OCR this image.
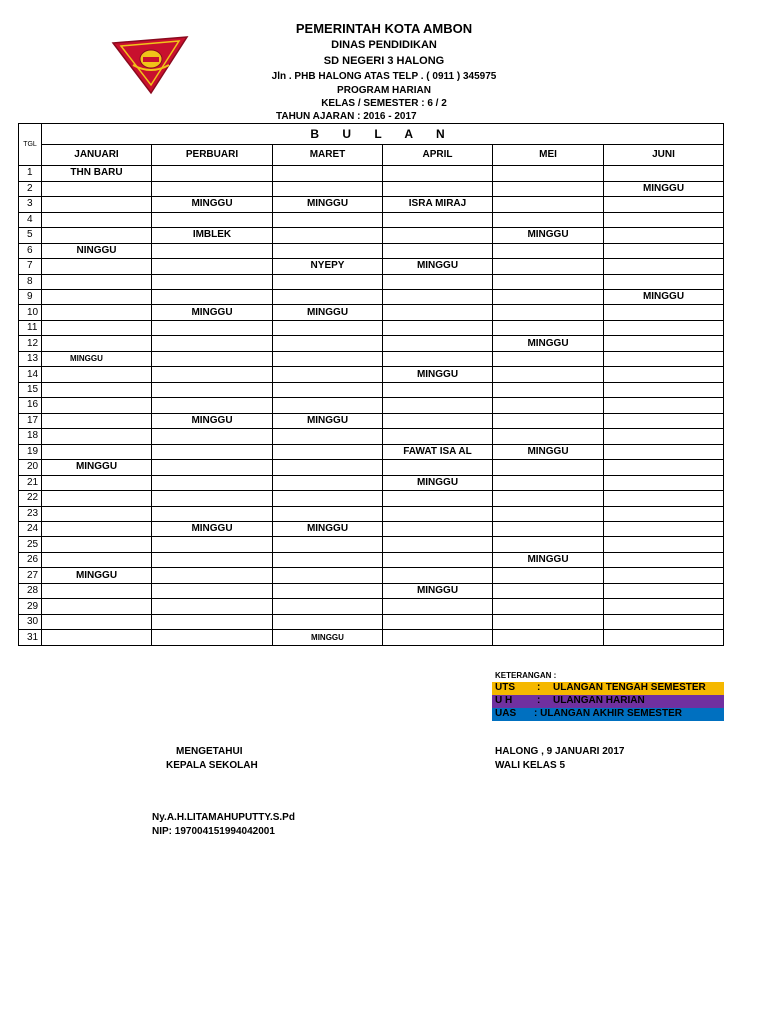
PEMERINTAH KOTA AMBON
DINAS PENDIDIKAN
SD NEGERI 3 HALONG
Jln . PHB HALONG ATAS TELP . ( 0911 ) 345975
PROGRAM HARIAN
KELAS / SEMESTER : 6 / 2
TAHUN AJARAN : 2016 - 2017
TGL	B U L A N					
	JANUARI	PERBUARI	MARET	APRIL	MEI	JUNI
1	THN BARU					
2						MINGGU
3		MINGGU	MINGGU	ISRA MIRAJ		
4						
5		IMBLEK			MINGGU	
6	NINGGU					
7			NYEPY	MINGGU		
8						
9						MINGGU
10		MINGGU	MINGGU			
11						
12					MINGGU	
13	MINGGU					
14				MINGGU		
15						
16						
17		MINGGU	MINGGU			
18						
19				FAWAT ISA AL	MINGGU	
20	MINGGU					
21				MINGGU		
22						
23						
24		MINGGU	MINGGU			
25						
26					MINGGU	
27	MINGGU					
28				MINGGU		
29						
30						
31			MINGGU			
KETERANGAN :
UTS : ULANGAN TENGAH SEMESTER
U H : ULANGAN HARIAN
UAS : ULANGAN AKHIR SEMESTER
MENGETAHUI
KEPALA SEKOLAH
HALONG , 9 JANUARI 2017
WALI KELAS 5
Ny.A.H.LITAMAHUPUTTY.S.Pd
NIP: 197004151994042001
